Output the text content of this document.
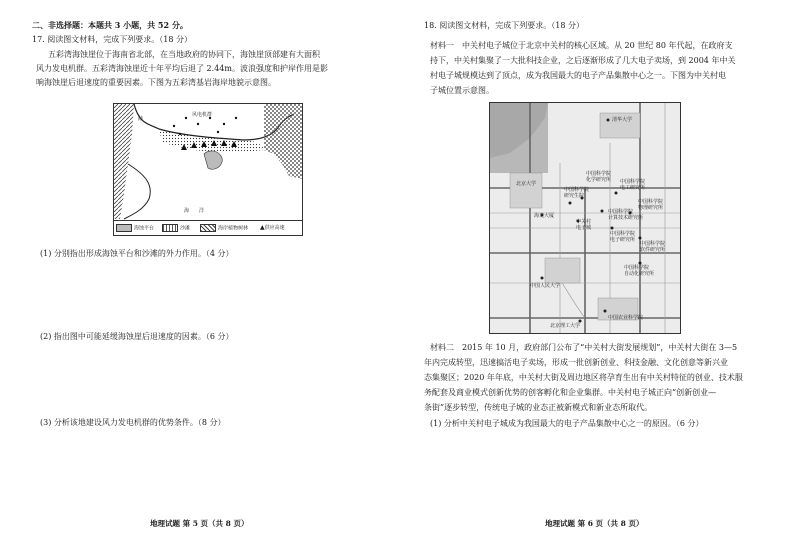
二、非选择题：本题共 3 小题，共 52 分。
17. 阅读图文材料，完成下列要求。（18 分）
五彩湾海蚀崖位于海南省北部，在当地政府的协同下，海蚀崖顶部建有大面积
风力发电机群。五彩湾海蚀崖近十年平均后退了 2.44m。波浪强度和护岸作用是影
响海蚀崖后退速度的重要因素。下图为五彩湾基岩海岸地貌示意图。
陆
风电机群
海　　洋
海蚀平台	沙滩	海岸植物树林 ▲供应高速
(1) 分别指出形成海蚀平台和沙滩的外力作用。（4 分）
(2) 指出图中可能延缓海蚀崖后退速度的因素。（6 分）
(3) 分析该地建设风力发电机群的优势条件。（8 分）
地理试题 第 5 页（共 8 页）
18. 阅读图文材料，完成下列要求。（18 分）
材料一　中关村电子城位于北京中关村的核心区域。从 20 世纪 80 年代起，在政府支
持下，中关村集聚了一大批科技企业，之后逐渐形成了几大电子卖场，到 2004 年中关
村电子城规模达到了顶点，成为我国最大的电子产品集散中心之一。下图为中关村电
子城位置示意图。
清华大学
北京大学
中国科学院
化学研究所 中国科学院
电工研究所
中国科学院
研究生院
中国科学院
物理研究所
中国科学院
计算技术研究所
中国科学院
电子研究所
海龙大厦
中关村
电子城
中国科学院
软件研究所
中国科学院
自动化研究所
中国人民大学
中国农业科学院
北京理工大学
材料二　2015 年 10 月，政府部门公布了“中关村大街发展规划”，中关村大街在 3—5
年内完成转型，迅速搞活电子卖场，形成一批创新创业、科技金融、文化创意等新兴业
态集聚区；2020 年年底，中关村大街及周边地区将孕育生出有中关村特征的创业、技术服
务配套及商业模式创新优势的创客孵化和企业集群。中关村电子城正向“创新创业—
条街”逐步转型，传统电子城的业态正被新模式和新业态所取代。
(1) 分析中关村电子城成为我国最大的电子产品集散中心之一的原因。（6 分）
地理试题 第 6 页（共 8 页）
